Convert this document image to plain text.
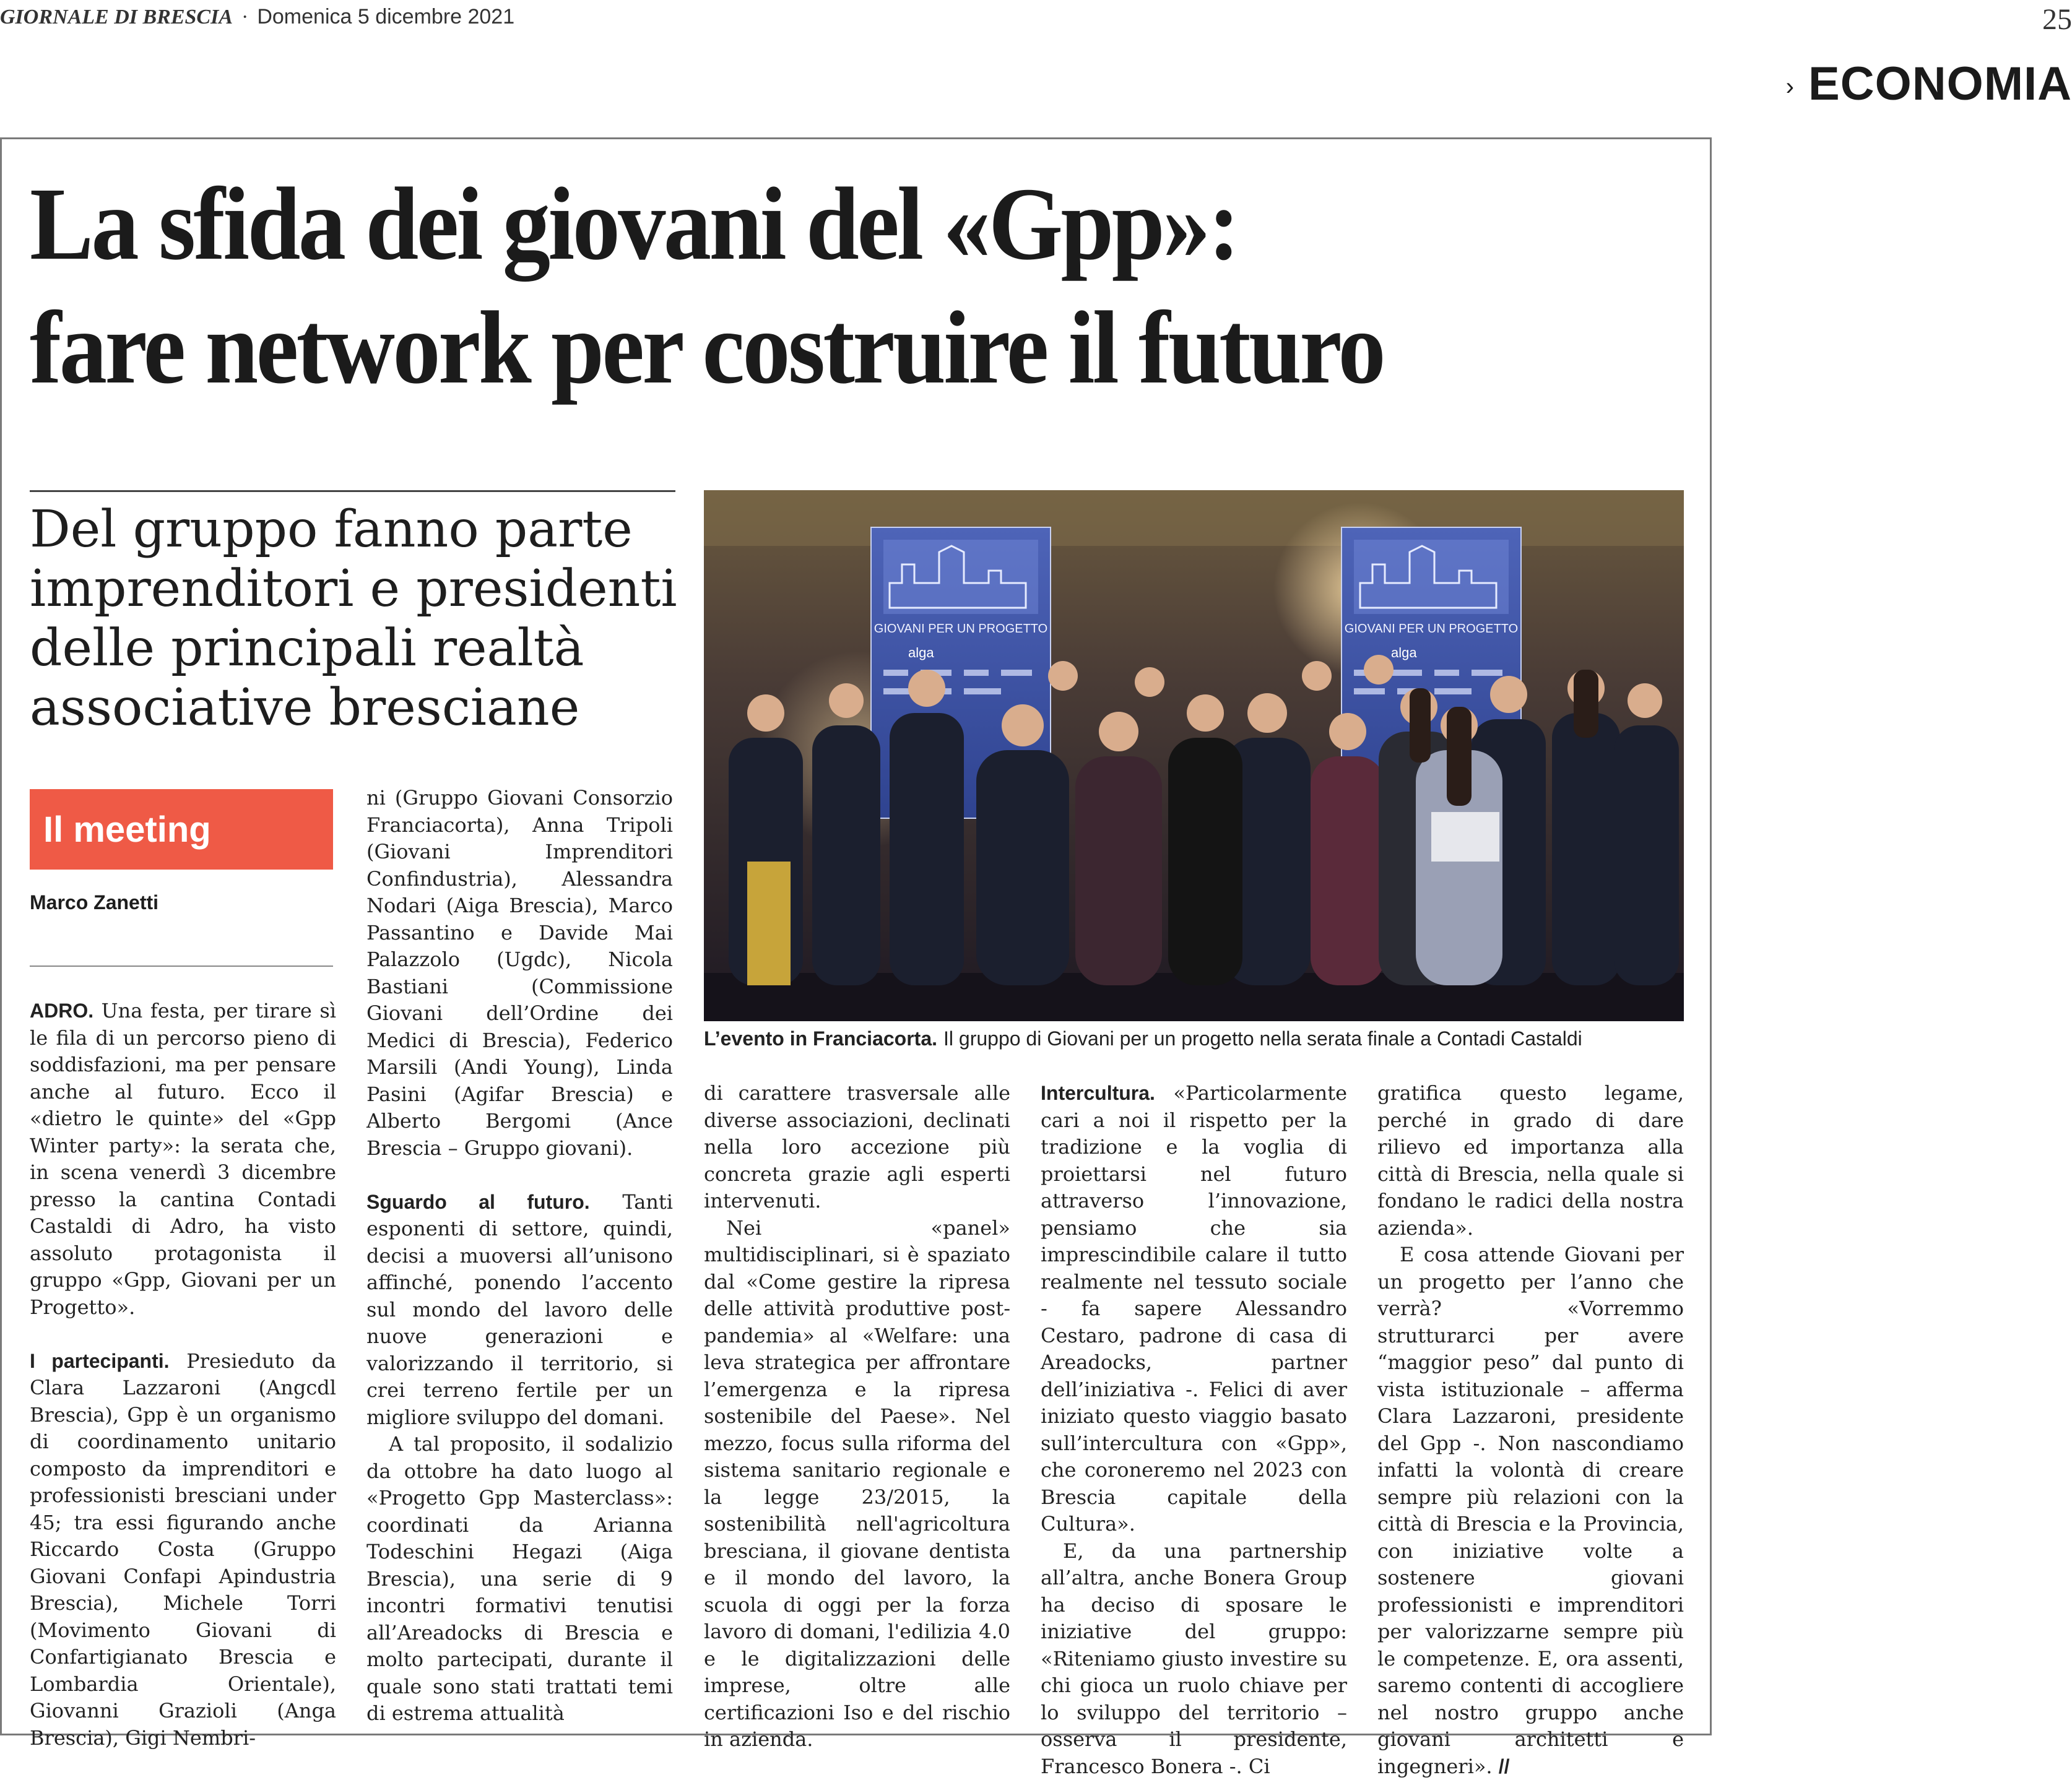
GIORNALE DI BRESCIA · Domenica 5 dicembre 2021	25
› ECONOMIA
La sfida dei giovani del «Gpp»:
fare network per costruire il futuro
Del gruppo fanno parte
imprenditori e presidenti
delle principali realtà
associative bresciane
Il meeting
Marco Zanetti
GIOVANI PER UN PROGETTO
alga
GIOVANI PER UN PROGETTO
alga
L’evento in Franciacorta. Il gruppo di Giovani per un progetto nella serata finale a Contadi Castaldi

ADRO. Una festa, per tirare sì le fila di un percorso pieno di soddisfazioni, ma per pensare anche al futuro. Ecco il «dietro le quinte» del «Gpp Winter party»: la serata che, in scena venerdì 3 dicembre presso la cantina Contadi Castaldi di Adro, ha visto assoluto protagonista il gruppo «Gpp, Giovani per un Progetto».

I partecipanti. Presieduto da Clara Lazzaroni (Angcdl Brescia), Gpp è un organismo di coordinamento unitario composto da imprenditori e professionisti bresciani under 45; tra essi figurando anche Riccardo Costa (Gruppo Giovani Confapi Apindustria Brescia), Michele Torri (Movimento Giovani di Confartigianato Brescia e Lombardia Orientale), Giovanni Grazioli (Anga Brescia), Gigi Nembri-

ni (Gruppo Giovani Consorzio Franciacorta), Anna Tripoli (Giovani Imprenditori Confindustria), Alessandra Nodari (Aiga Brescia), Marco Passantino e Davide Mai Palazzolo (Ugdc), Nicola Bastiani (Commissione Giovani dell’Ordine dei Medici di Brescia), Federico Marsili (Andi Young), Linda Pasini (Agifar Brescia) e Alberto Bergomi (Ance Brescia – Gruppo giovani).

Sguardo al futuro. Tanti esponenti di settore, quindi, decisi a muoversi all’unisono affinché, ponendo l’accento sul mondo del lavoro delle nuove generazioni e valorizzando il territorio, si crei terreno fertile per un migliore sviluppo del domani.

A tal proposito, il sodalizio da ottobre ha dato luogo al «Progetto Gpp Masterclass»: coordinati da Arianna Todeschini Hegazi (Aiga Brescia), una serie di 9 incontri formativi tenutisi all’Areadocks di Brescia e molto partecipati, durante il quale sono stati trattati temi di estrema attualità

di carattere trasversale alle diverse associazioni, declinati nella loro accezione più concreta grazie agli esperti intervenuti.

Nei «panel» multidisciplinari, si è spaziato dal «Come gestire la ripresa delle attività produttive post-pandemia» al «Welfare: una leva strategica per affrontare l’emergenza e la ripresa sostenibile del Paese». Nel mezzo, focus sulla riforma del sistema sanitario regionale e la legge 23/2015, la sostenibilità nell'agricoltura bresciana, il giovane dentista e il mondo del lavoro, la scuola di oggi per la forza lavoro di domani, l'edilizia 4.0 e le digitalizzazioni delle imprese, oltre alle certificazioni Iso e del rischio in azienda.

Intercultura. «Particolarmente cari a noi il rispetto per la tradizione e la voglia di proiettarsi nel futuro attraverso l’innovazione, pensiamo che sia imprescindibile calare il tutto realmente nel tessuto sociale - fa sapere Alessandro Cestaro, padrone di casa di Areadocks, partner dell’iniziativa -. Felici di aver iniziato questo viaggio basato sull’intercultura con «Gpp», che coroneremo nel 2023 con Brescia capitale della Cultura».

E, da una partnership all’altra, anche Bonera Group ha deciso di sposare le iniziative del gruppo: «Riteniamo giusto investire su chi gioca un ruolo chiave per lo sviluppo del territorio – osserva il presidente, Francesco Bonera -. Ci

gratifica questo legame, perché in grado di dare rilievo ed importanza alla città di Brescia, nella quale si fondano le radici della nostra azienda».

E cosa attende Giovani per un progetto per l’anno che verrà? «Vorremmo strutturarci per avere “maggior peso” dal punto di vista istituzionale – afferma Clara Lazzaroni, presidente del Gpp -. Non nascondiamo infatti la volontà di creare sempre più relazioni con la città di Brescia e la Provincia, con iniziative volte a sostenere giovani professionisti e imprenditori per valorizzarne sempre più le competenze. E, ora assenti, saremo contenti di accogliere nel nostro gruppo anche giovani architetti e ingegneri». //
